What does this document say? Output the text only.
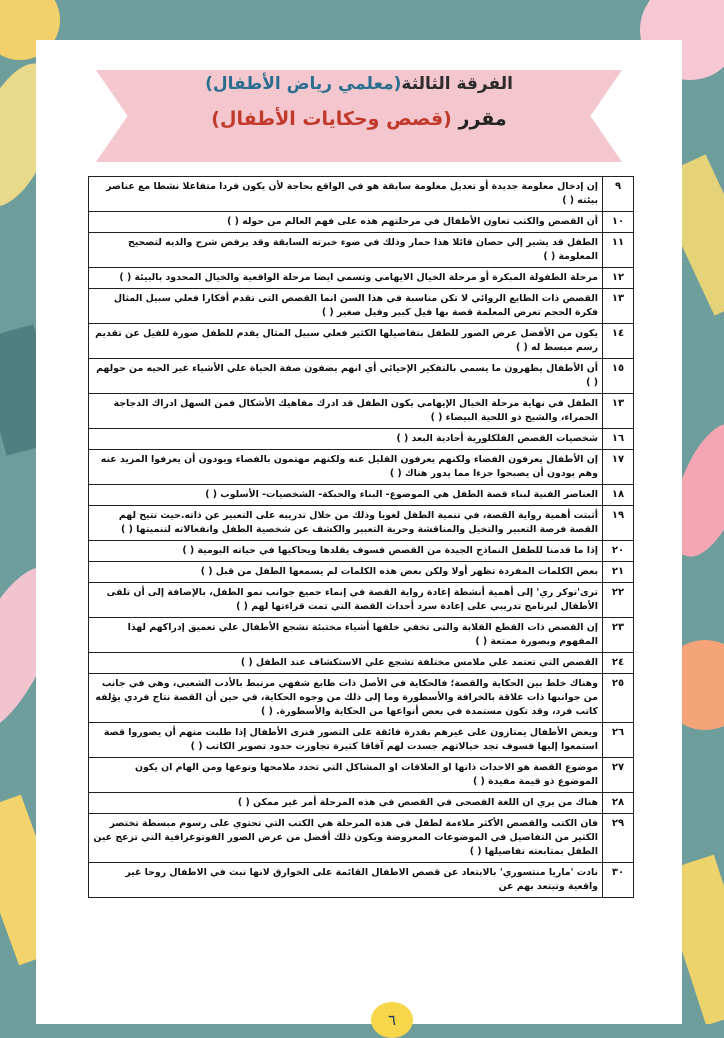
الفرقة الثالثة(معلمي رياض الأطفال)
مقرر (قصص وحكايات الأطفال)
٩	إن إدخال معلومة جديدة أو تعديل معلومة سابقة هو في الواقع بحاجة لأن يكون فردا متفاعلا نشطا مع عناصر بيئته ( )
١٠	أن القصص والكتب تعاون الأطفال في مرحلتهم هذه على فهم العالم من حوله ( )
١١	الطفل قد يشير إلي حصان قائلا هذا حمار وذلك في ضوء خبرته السابقة وقد يرفض شرح والديه لتصحيح المعلومة ( )
١٢	مرحلة الطفولة المبكرة أو مرحلة الخيال الايهامي وتسمي ايضا مرحلة الواقعية والخيال المحدود بالبيئة ( )
١٣	القصص ذات الطابع الروائي لا تكن مناسبة في هذا السن انما القصص التى تقدم أفكارا فعلي سبيل المثال فكرة الحجم تعرض المعلمة قصة بها فيل كبير وفيل صغير ( )
١٤	يكون من الأفضل عرض الصور للطفل بتفاصيلها الكثير فعلي سبيل المثال يقدم للطفل صورة للفيل عن تقديم رسم مبسط له ( )
١٥	أن الأطفال يظهرون ما يسمي بالتفكير الإحيائي أي انهم يضفون صفة الحياة علي الأشياء غير الحيه من حولهم ( )
١٣	الطفل في نهاية مرحلة الخيال الإيهامي يكون الطفل قد ادرك مفاهيك الأشكال فمن السهل ادراك الدجاجة الحمراء، والشيخ ذو اللحية البيضاء ( )
١٦	شخصيات القصص الفلكلورية أحادية البعد ( )
١٧	إن الأطفال يعرفون الفضاء ولكنهم يعرفون القليل عنه ولكنهم مهتمون بالفضاء ويودون أن يعرفوا المزيد عنه وهم يودون أن يصبحوا جزءا مما يدور هناك ( )
١٨	العناصر الفنية لبناء قصة الطفل هي الموضوع- البناء والحبكة- الشخصيات- الأسلوب ( )
١٩	أثبتت أهمية رواية القصة، في تنمية الطفل لغويا وذلك من خلال تدريبه على التعبير عن ذاته.حيث تتيح لهم القصة فرصة التعبير والتخيل والمناقشة وحرية التعبير والكشف عن شخصية الطفل وانفعالاته لتنميتها ( )
٢٠	إذا ما قدمنا للطفل النماذج الجيدة من القصص فسوف يقلدها ويحاكيها في حياته اليومية ( )
٢١	بعض الكلمات المفردة تظهر أولا ولكن بعض هذه الكلمات لم يسمعها الطفل من قبل ( )
٢٢	ترى'توكر ري' إلى أهمية أنشطة إعادة رواية القصة في إنماء جميع جوانب نمو الطفل، بالإضافة إلى أن تلقى الأطفال لبرنامج تدريبي على إعادة سرد أحداث القصة التي تمت قراءتها لهم ( )
٢٣	إن القصص ذات القطع القلابة والتى تخفي خلفها أشياء مختبئة تشجع الأطفال علي تعميق إدراكهم لهذا المفهوم وبصورة ممتعة ( )
٢٤	القصص التي تعتمد علي ملامس مختلفة تشجع علي الاستكشاف عند الطفل ( )
٢٥	وهناك خلط بين الحكاية والقصة؛ فالحكاية في الأصل ذات طابع شفهي مرتبط بالأدب الشعبي، وهي في جانب من جوانبها ذات علاقة بالخرافة والأسطورة وما إلى ذلك من وجوه الحكاية، في حين أن القصة نتاج فردي يؤلفه كاتب فرد، وقد تكون مستمدة في بعض أنواعها من الحكاية والأسطورة. ( )
٢٦	ويعض الأطفال يمتازون على غيرهم بقدرة فائقة على التصور فنرى الأطفال إذا طلبت منهم أن يصوروا قصة استمعوا إليها فسوف تجد خيالاتهم جسدت لهم آفاقا كثيرة تجاوزت حدود تصوير الكاتب ( )
٢٧	موضوع القصة هو الاحداث ذاتها او العلاقات او المشاكل التي تحدد ملامحها ونوعها ومن الهام ان يكون الموضوع ذو قيمة مفيدة ( )
٢٨	هناك من يري ان اللغة الفصحى في القصص في هذه المرحلة أمر غير ممكن ( )
٢٩	فان الكتب والقصص الأكثر ملاءمة لطفل في هذه المرحلة هي الكتب التي تحتوي على رسوم مبسطة تختصر الكثير من التفاصيل في الموضوعات المعروضة ويكون ذلك أفضل من عرض الصور الفوتوغرافية التي تزعج عين الطفل بمتابعته تفاصيلها ( )
٣٠	نادت 'ماريا منتسوري' بالابتعاد عن قصص الاطفال القائمة على الخوارق لانها تبث في الاطفال روحا غير واقعية وتبتعد بهم عن
٦
